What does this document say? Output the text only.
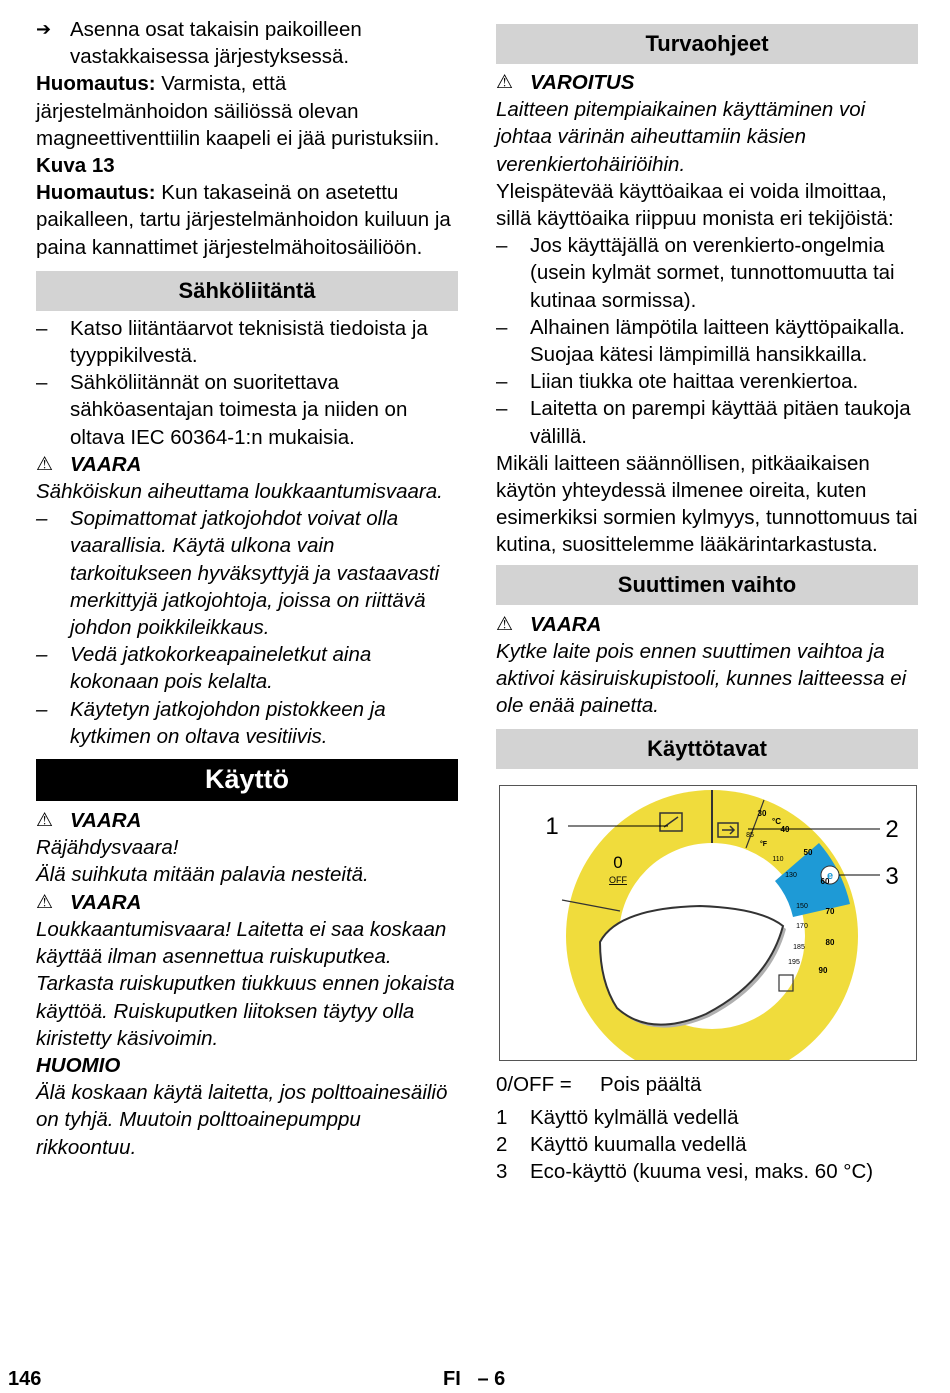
➔ Asenna osat takaisin paikoilleen vastakkaisessa järjestyksessä.

Huomautus: Varmista, että järjestelmänhoidon säiliössä olevan magneettiventtiilin kaapeli ei jää puristuksiin.

Kuva 13

Huomautus: Kun takaseinä on asetettu paikalleen, tartu järjestelmänhoidon kuiluun ja paina kannattimet järjestelmähoitosäiliöön.

Sähköliitäntä

– Katso liitäntäarvot teknisistä tiedoista ja tyyppikilvestä.

– Sähköliitännät on suoritettava sähköasentajan toimesta ja niiden on oltava IEC 60364-1:n mukaisia.

⚠ VAARA

Sähköiskun aiheuttama loukkaantumisvaara.

– Sopimattomat jatkojohdot voivat olla vaarallisia. Käytä ulkona vain tarkoitukseen hyväksyttyjä ja vastaavasti merkittyjä jatkojohtoja, joissa on riittävä johdon poikkileikkaus.

– Vedä jatkokorkeapaineletkut aina kokonaan pois kelalta.

– Käytetyn jatkojohdon pistokkeen ja kytkimen on oltava vesitiivis.

Käyttö

⚠ VAARA

Räjähdysvaara!

Älä suihkuta mitään palavia nesteitä.

⚠ VAARA

Loukkaantumisvaara! Laitetta ei saa koskaan käyttää ilman asennettua ruiskuputkea. Tarkasta ruiskuputken tiukkuus ennen jokaista käyttöä. Ruiskuputken liitoksen täytyy olla kiristetty käsivoimin.

HUOMIO

Älä koskaan käytä laitetta, jos polttoainesäiliö on tyhjä. Muutoin polttoainepumppu rikkoontuu.

Turvaohjeet

⚠ VAROITUS

Laitteen pitempiaikainen käyttäminen voi johtaa värinän aiheuttamiin käsien verenkiertohäiriöihin.

Yleispätevää käyttöaikaa ei voida ilmoittaa, sillä käyttöaika riippuu monista eri tekijöistä:

– Jos käyttäjällä on verenkierto-ongelmia (usein kylmät sormet, tunnottomuutta tai kutinaa sormissa).

– Alhainen lämpötila laitteen käyttöpaikalla. Suojaa kätesi lämpimillä hansikkailla.

– Liian tiukka ote haittaa verenkiertoa.

– Laitetta on parempi käyttää pitäen taukoja välillä.

Mikäli laitteen säännöllisen, pitkäaikaisen käytön yhteydessä ilmenee oireita, kuten esimerkiksi sormien kylmyys, tunnottomuus tai kutina, suosittelemme lääkärintarkastusta.

Suuttimen vaihto

⚠ VAARA

Kytke laite pois ennen suuttimen vaihtoa ja aktivoi käsiruiskupistooli, kunnes laitteessa ei ole enää painetta.

Käyttötavat
0
OFF
°C
°F
e
30
40
50
60
70
80
90
85
110
130
150
170
185
195
1	2
3

0/OFF = Pois päältä

1 Käyttö kylmällä vedellä

2 Käyttö kuumalla vedellä

3 Eco-käyttö (kuuma vesi, maks. 60 °C)

146	FI – 6
